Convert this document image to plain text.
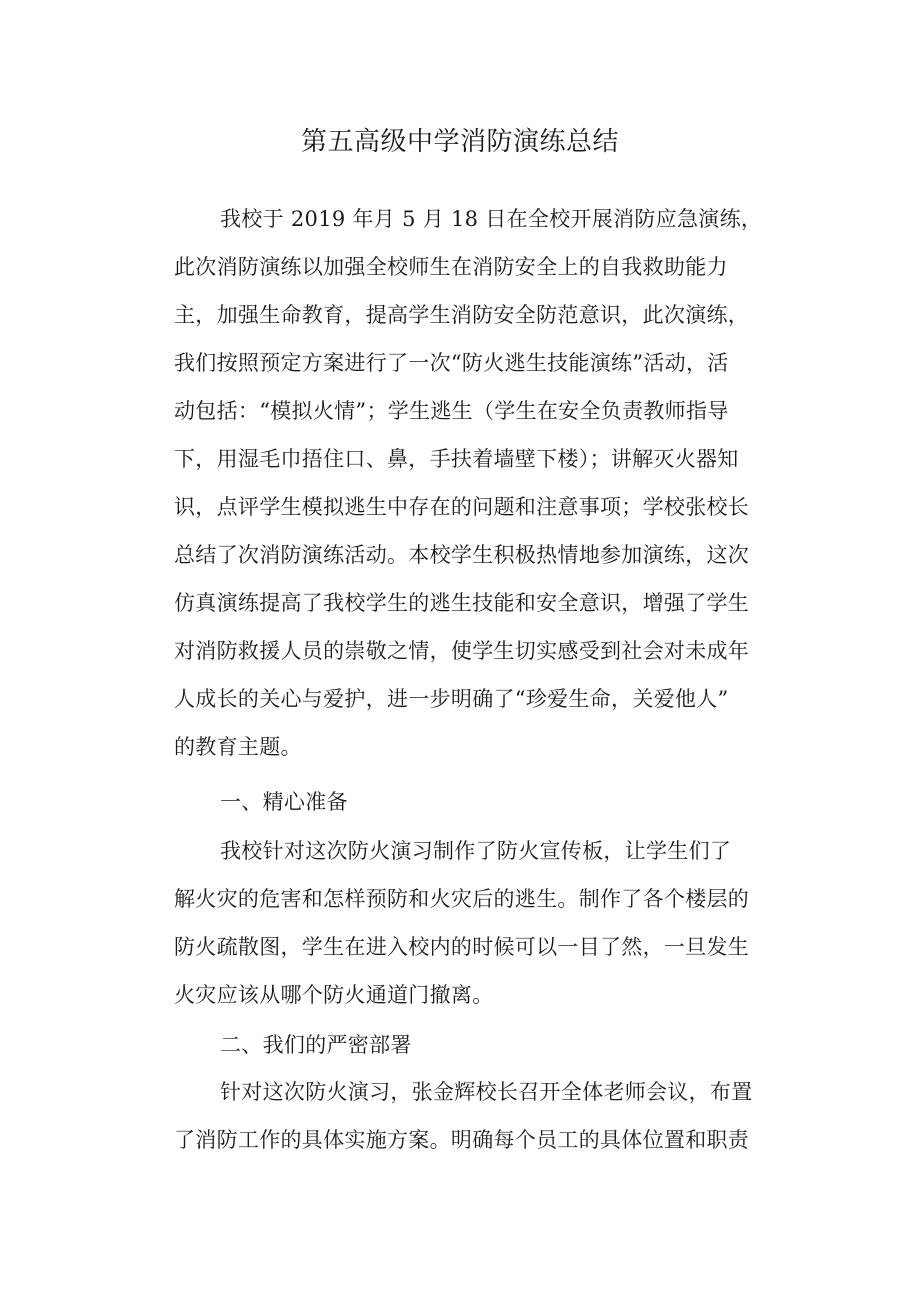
第五高级中学消防演练总结
我校于 2019 年月 5 月 18 日在全校开展消防应急演练，
此次消防演练以加强全校师生在消防安全上的自我救助能力
主，加强生命教育，提高学生消防安全防范意识，此次演练，
我们按照预定方案进行了一次“防火逃生技能演练”活动，活
动包括：“模拟火情”；学生逃生（学生在安全负责教师指导
下，用湿毛巾捂住口、鼻，手扶着墙壁下楼）；讲解灭火器知
识，点评学生模拟逃生中存在的问题和注意事项；学校张校长
总结了次消防演练活动。本校学生积极热情地参加演练，这次
仿真演练提高了我校学生的逃生技能和安全意识，增强了学生
对消防救援人员的崇敬之情，使学生切实感受到社会对未成年
人成长的关心与爱护，进一步明确了“珍爱生命，关爱他人”
的教育主题。
一、精心准备
我校针对这次防火演习制作了防火宣传板，让学生们了
解火灾的危害和怎样预防和火灾后的逃生。制作了各个楼层的
防火疏散图，学生在进入校内的时候可以一目了然，一旦发生
火灾应该从哪个防火通道门撤离。
二、我们的严密部署
针对这次防火演习，张金辉校长召开全体老师会议，布置
了消防工作的具体实施方案。明确每个员工的具体位置和职责
